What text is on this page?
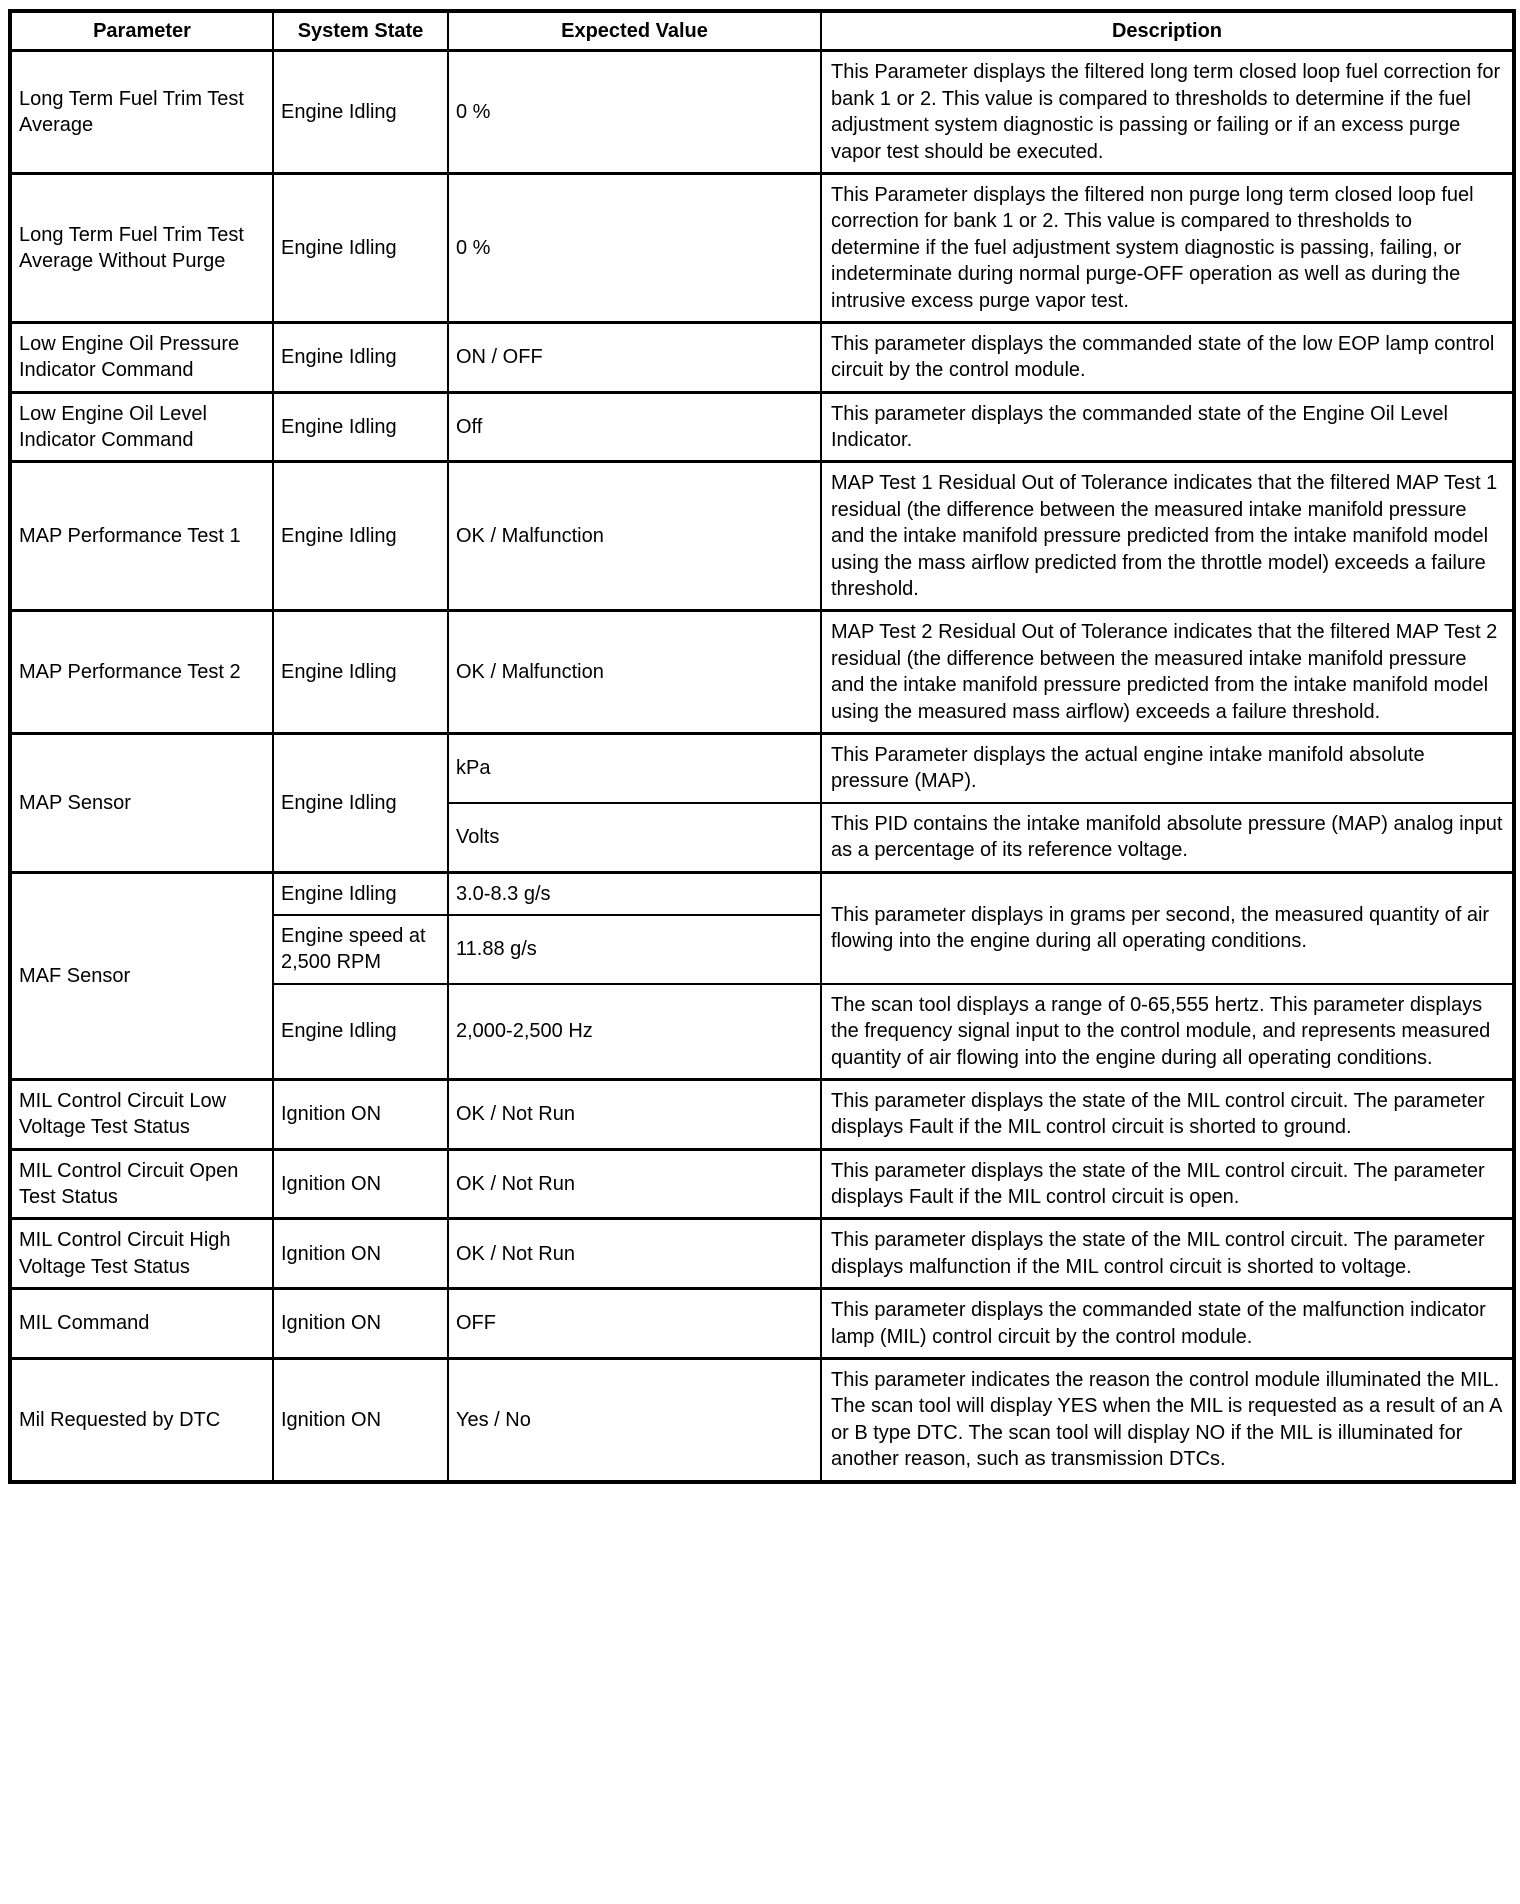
Parameter	System State	Expected Value	Description
Long Term Fuel Trim Test Average	Engine Idling	0 %	This Parameter displays the filtered long term closed loop fuel correction for bank 1 or 2. This value is compared to thresholds to determine if the fuel adjustment system diagnostic is passing or failing or if an excess purge vapor test should be executed.
Long Term Fuel Trim Test Average Without Purge	Engine Idling	0 %	This Parameter displays the filtered non purge long term closed loop fuel correction for bank 1 or 2. This value is compared to thresholds to determine if the fuel adjustment system diagnostic is passing, failing, or indeterminate during normal purge-OFF operation as well as during the intrusive excess purge vapor test.
Low Engine Oil Pressure Indicator Command	Engine Idling	ON / OFF	This parameter displays the commanded state of the low EOP lamp control circuit by the control module.
Low Engine Oil Level Indicator Command	Engine Idling	Off	This parameter displays the commanded state of the Engine Oil Level Indicator.
MAP Performance Test 1	Engine Idling	OK / Malfunction	MAP Test 1 Residual Out of Tolerance indicates that the filtered MAP Test 1 residual (the difference between the measured intake manifold pressure and the intake manifold pressure predicted from the intake manifold model using the mass airflow predicted from the throttle model) exceeds a failure threshold.
MAP Performance Test 2	Engine Idling	OK / Malfunction	MAP Test 2 Residual Out of Tolerance indicates that the filtered MAP Test 2 residual (the difference between the measured intake manifold pressure and the intake manifold pressure predicted from the intake manifold model using the measured mass airflow) exceeds a failure threshold.
MAP Sensor	Engine Idling	kPa	This Parameter displays the actual engine intake manifold absolute pressure (MAP).
		Volts	This PID contains the intake manifold absolute pressure (MAP) analog input as a percentage of its reference voltage.
MAF Sensor	Engine Idling	3.0-8.3 g/s	This parameter displays in grams per second, the measured quantity of air flowing into the engine during all operating conditions.
	Engine speed at 2,500 RPM	11.88 g/s	
	Engine Idling	2,000-2,500 Hz	The scan tool displays a range of 0-65,555 hertz. This parameter displays the frequency signal input to the control module, and represents measured quantity of air flowing into the engine during all operating conditions.
MIL Control Circuit Low Voltage Test Status	Ignition ON	OK / Not Run	This parameter displays the state of the MIL control circuit. The parameter displays Fault if the MIL control circuit is shorted to ground.
MIL Control Circuit Open Test Status	Ignition ON	OK / Not Run	This parameter displays the state of the MIL control circuit. The parameter displays Fault if the MIL control circuit is open.
MIL Control Circuit High Voltage Test Status	Ignition ON	OK / Not Run	This parameter displays the state of the MIL control circuit. The parameter displays malfunction if the MIL control circuit is shorted to voltage.
MIL Command	Ignition ON	OFF	This parameter displays the commanded state of the malfunction indicator lamp (MIL) control circuit by the control module.
Mil Requested by DTC	Ignition ON	Yes / No	This parameter indicates the reason the control module illuminated the MIL. The scan tool will display YES when the MIL is requested as a result of an A or B type DTC. The scan tool will display NO if the MIL is illuminated for another reason, such as transmission DTCs.
